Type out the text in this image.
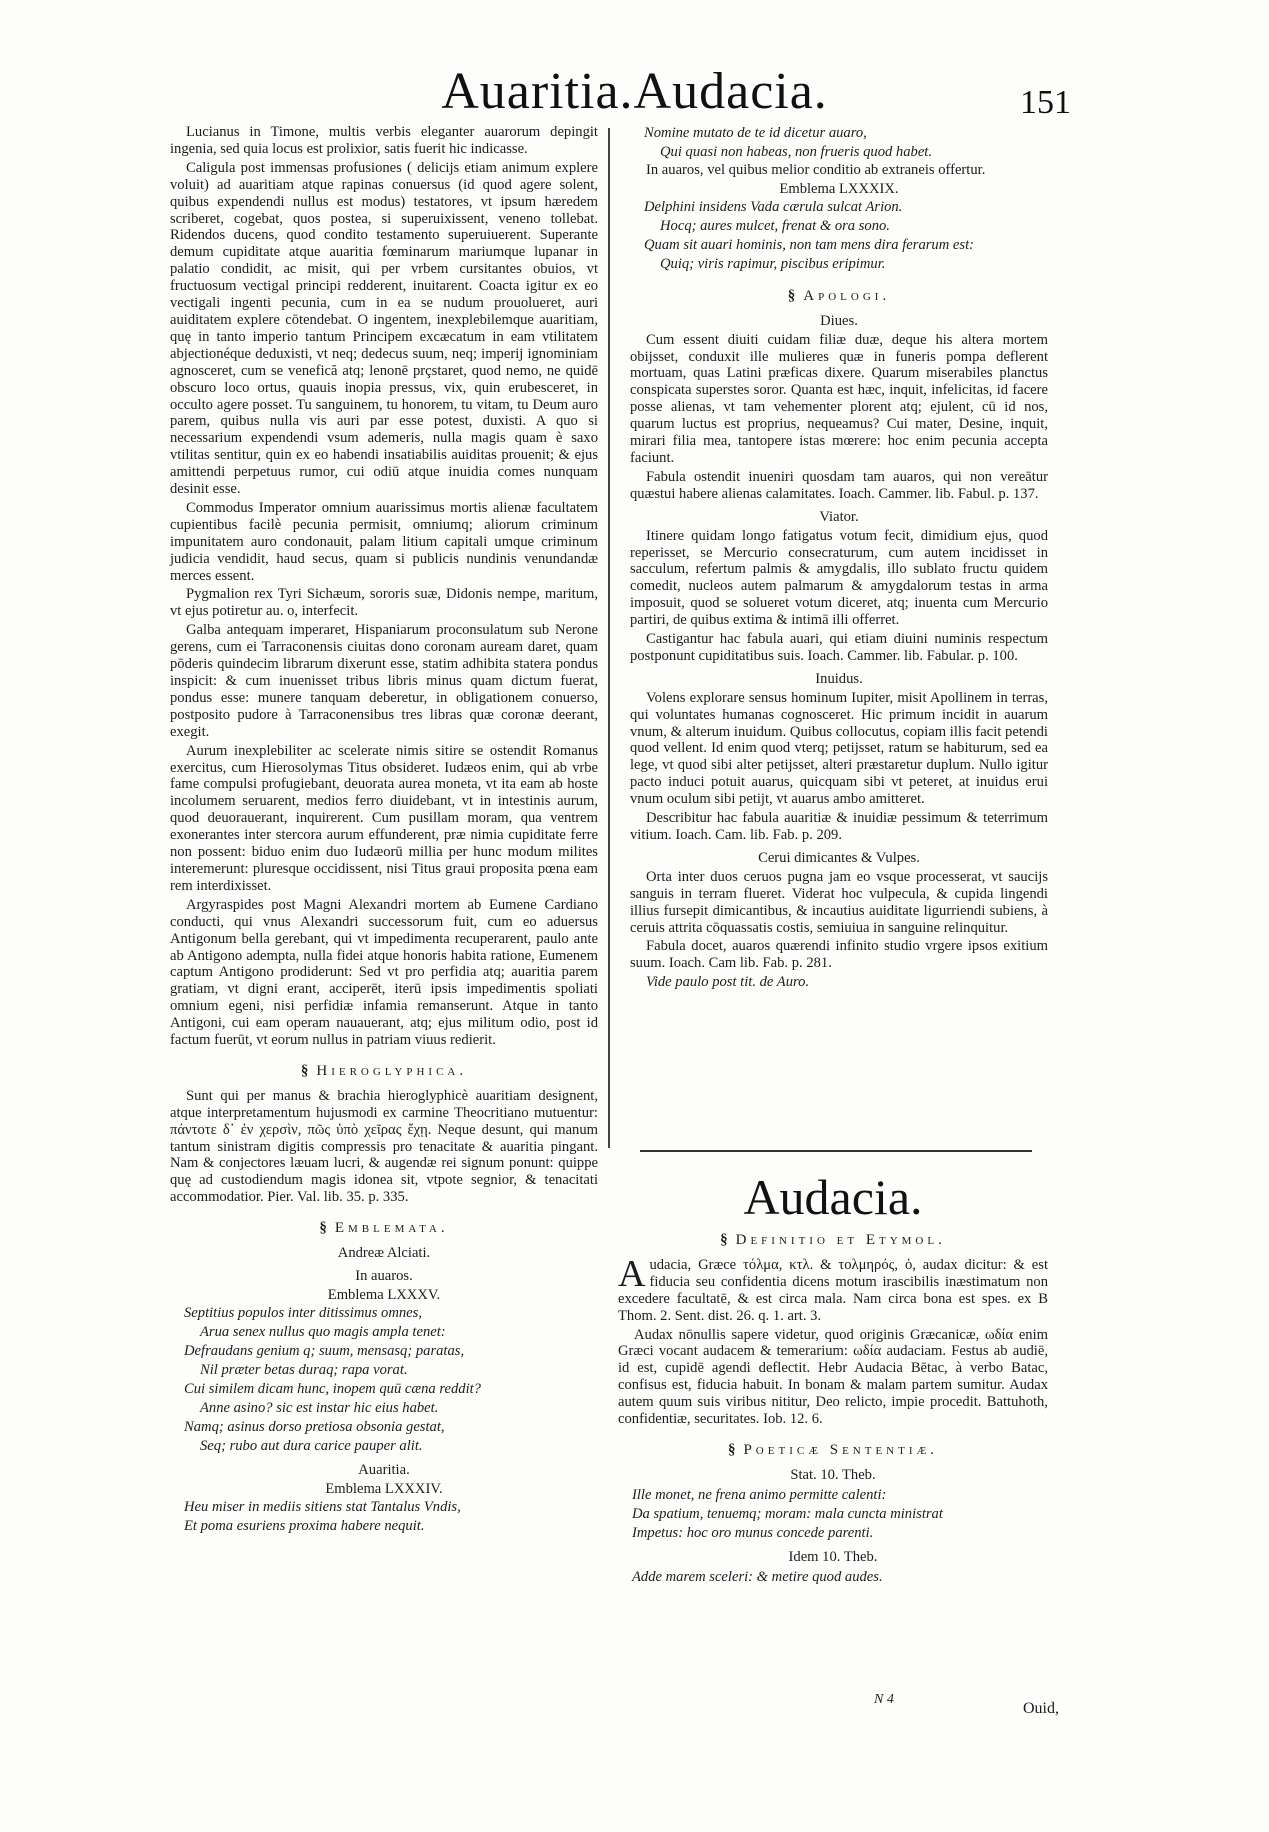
Auaritia.Audacia.	151

Lucianus in Timone, multis verbis eleganter auarorum depingit ingenia, sed quia locus est prolixior, satis fuerit hic indicasse.

Caligula post immensas profusiones ( delicijs etiam animum explere voluit) ad auaritiam atque rapinas conuersus (id quod agere solent, quibus expendendi nullus est modus) testatores, vt ipsum hæredem scriberet, cogebat, quos postea, si superuixissent, veneno tollebat. Ridendos ducens, quod condito testamento superuiuerent. Superante demum cupiditate atque auaritia fœminarum mariumque lupanar in palatio condidit, ac misit, qui per vrbem cursitantes obuios, vt fructuosum vectigal principi redderent, inuitarent. Coacta igitur ex eo vectigali ingenti pecunia, cum in ea se nudum prouolueret, auri auiditatem explere cōtendebat. O ingentem, inexplebilemque auaritiam, quę in tanto imperio tantum Principem excæcatum in eam vtilitatem abjectionéque deduxisti, vt neq; dedecus suum, neq; imperij ignominiam agnosceret, cum se venefică atq; lenonē prçstaret, quod nemo, ne quidē obscuro loco ortus, quauis inopia pressus, vix, quin erubesceret, in occulto agere posset. Tu sanguinem, tu honorem, tu vitam, tu Deum auro parem, quibus nulla vis auri par esse potest, duxisti. A quo si necessarium expendendi vsum ademeris, nulla magis quam è saxo vtilitas sentitur, quin ex eo habendi insatiabilis auiditas prouenit; & ejus amittendi perpetuus rumor, cui odiū atque inuidia comes nunquam desinit esse.

Commodus Imperator omnium auarissimus mortis alienæ facultatem cupientibus facilè pecunia permisit, omniumq; aliorum criminum impunitatem auro condonauit, palam litium capitali umque criminum judicia vendidit, haud secus, quam si publicis nundinis venundandæ merces essent.

Pygmalion rex Tyri Sichæum, sororis suæ, Didonis nempe, maritum, vt ejus potiretur au. o, interfecit.

Galba antequam imperaret, Hispaniarum proconsulatum sub Nerone gerens, cum ei Tarraconensis ciuitas dono coronam auream daret, quam pōderis quindecim librarum dixerunt esse, statim adhibita statera pondus inspicit: & cum inuenisset tribus libris minus quam dictum fuerat, pondus esse: munere tanquam deberetur, in obligationem conuerso, postposito pudore à Tarraconensibus tres libras quæ coronæ deerant, exegit.

Aurum inexplebiliter ac scelerate nimis sitire se ostendit Romanus exercitus, cum Hierosolymas Titus obsideret. Iudæos enim, qui ab vrbe fame compulsi profugiebant, deuorata aurea moneta, vt ita eam ab hoste incolumem seruarent, medios ferro diuidebant, vt in intestinis aurum, quod deuorauerant, inquirerent. Cum pusillam moram, qua ventrem exonerantes inter stercora aurum effunderent, præ nimia cupiditate ferre non possent: biduo enim duo Iudæorū millia per hunc modum milites interemerunt: pluresque occidissent, nisi Titus graui proposita pœna eam rem interdixisset.

Argyraspides post Magni Alexandri mortem ab Eumene Cardiano conducti, qui vnus Alexandri successorum fuit, cum eo aduersus Antigonum bella gerebant, qui vt impedimenta recuperarent, paulo ante ab Antigono adempta, nulla fidei atque honoris habita ratione, Eumenem captum Antigono prodiderunt: Sed vt pro perfidia atq; auaritia parem gratiam, vt digni erant, acciperēt, iterū ipsis impedimentis spoliati omnium egeni, nisi perfidiæ infamia remanserunt. Atque in tanto Antigoni, cui eam operam nauauerant, atq; ejus militum odio, post id factum fuerūt, vt eorum nullus in patriam viuus redierit.

§ Hieroglyphica.

Sunt qui per manus & brachia hieroglyphicè auaritiam designent, atque interpretamentum hujusmodi ex carmine Theocritiano mutuentur: πάντοτε δ᾽ ἐν χερσὶν, πῶς ὑπὸ χεῖρας ἔχῃ. Neque desunt, qui manum tantum sinistram digitis compressis pro tenacitate & auaritia pingant. Nam & conjectores læuam lucri, & augendæ rei signum ponunt: quippe quę ad custodiendum magis idonea sit, vtpote segnior, & tenacitati accommodatior. Pier. Val. lib. 35. p. 335.

§ Emblemata.
Andreæ Alciati.
In auaros.
Emblema LXXXV.
Septitius populos inter ditissimus omnes,
Arua senex nullus quo magis ampla tenet:
Defraudans genium q; suum, mensasq; paratas,
Nil præter betas duraq; rapa vorat.
Cui similem dicam hunc, inopem quū cæna reddit?
Anne asino? sic est instar hic eius habet.
Namq; asinus dorso pretiosa obsonia gestat,
Seq; rubo aut dura carice pauper alit.
Auaritia.
Emblema LXXXIV.
Heu miser in mediis sitiens stat Tantalus Vndis,
Et poma esuriens proxima habere nequit.
Nomine mutato de te id dicetur auaro,
Qui quasi non habeas, non frueris quod habet.

In auaros, vel quibus melior conditio ab extraneis offertur.

Emblema LXXXIX.
Delphini insidens Vada cærula sulcat Arion.
Hocq; aures mulcet, frenat & ora sono.
Quam sit auari hominis, non tam mens dira ferarum est:
Quiq; viris rapimur, piscibus eripimur.
§ Apologi.
Diues.

Cum essent diuiti cuidam filiæ duæ, deque his altera mortem obijsset, conduxit ille mulieres quæ in funeris pompa deflerent mortuam, quas Latini præficas dixere. Quarum miserabiles planctus conspicata superstes soror. Quanta est hæc, inquit, infelicitas, id facere posse alienas, vt tam vehementer plorent atq; ejulent, cū id nos, quarum luctus est proprius, nequeamus? Cui mater, Desine, inquit, mirari filia mea, tantopere istas mœrere: hoc enim pecunia accepta faciunt.

Fabula ostendit inueniri quosdam tam auaros, qui non vereātur quæstui habere alienas calamitates. Ioach. Cammer. lib. Fabul. p. 137.

Viator.

Itinere quidam longo fatigatus votum fecit, dimidium ejus, quod reperisset, se Mercurio consecraturum, cum autem incidisset in sacculum, refertum palmis & amygdalis, illo sublato fructu quidem comedit, nucleos autem palmarum & amygdalorum testas in arma imposuit, quod se solueret votum diceret, atq; inuenta cum Mercurio partiri, de quibus extima & intimā illi offerret.

Castigantur hac fabula auari, qui etiam diuini numinis respectum postponunt cupiditatibus suis. Ioach. Cammer. lib. Fabular. p. 100.

Inuidus.

Volens explorare sensus hominum Iupiter, misit Apollinem in terras, qui voluntates humanas cognosceret. Hic primum incidit in auarum vnum, & alterum inuidum. Quibus collocutus, copiam illis facit petendi quod vellent. Id enim quod vterq; petijsset, ratum se habiturum, sed ea lege, vt quod sibi alter petijsset, alteri præstaretur duplum. Nullo igitur pacto induci potuit auarus, quicquam sibi vt peteret, at inuidus erui vnum oculum sibi petijt, vt auarus ambo amitteret.

Describitur hac fabula auaritiæ & inuidiæ pessimum & teterrimum vitium. Ioach. Cam. lib. Fab. p. 209.

Cerui dimicantes & Vulpes.

Orta inter duos ceruos pugna jam eo vsque processerat, vt saucijs sanguis in terram flueret. Viderat hoc vulpecula, & cupida lingendi illius fursepit dimicantibus, & incautius auiditate ligurriendi subiens, à ceruis attrita cōquassatis costis, semiuiua in sanguine relinquitur.

Fabula docet, auaros quærendi infinito studio vrgere ipsos exitium suum. Ioach. Cam lib. Fab. p. 281.

Vide paulo post tit. de Auro.

Audacia.
§ Definitio et Etymol.

Audacia, Græce τόλμα, κτλ. & τολμηρός, ὁ, audax dicitur: & est fiducia seu confidentia dicens motum irascibilis inæstimatum non excedere facultatē, & est circa mala. Nam circa bona est spes. ex B Thom. 2. Sent. dist. 26. q. 1. art. 3.

Audax nōnullis sapere videtur, quod originis Græcanicæ, ωδία enim Græci vocant audacem & temerarium: ωδία audaciam. Festus ab audiē, id est, cupidē agendi deflectit. Hebr Audacia Bētac, à verbo Batac, confisus est, fiducia habuit. In bonam & malam partem sumitur. Audax autem quum suis viribus nititur, Deo relicto, impie procedit. Battuhoth, confidentiæ, securitates. Iob. 12. 6.

§ Poeticæ Sententiæ.
Stat. 10. Theb.
Ille monet, ne frena animo permitte calenti:
Da spatium, tenuemq; moram: mala cuncta ministrat
Impetus: hoc oro munus concede parenti.
Idem 10. Theb.
Adde marem sceleri: & metire quod audes.
N 4
Ouid,
